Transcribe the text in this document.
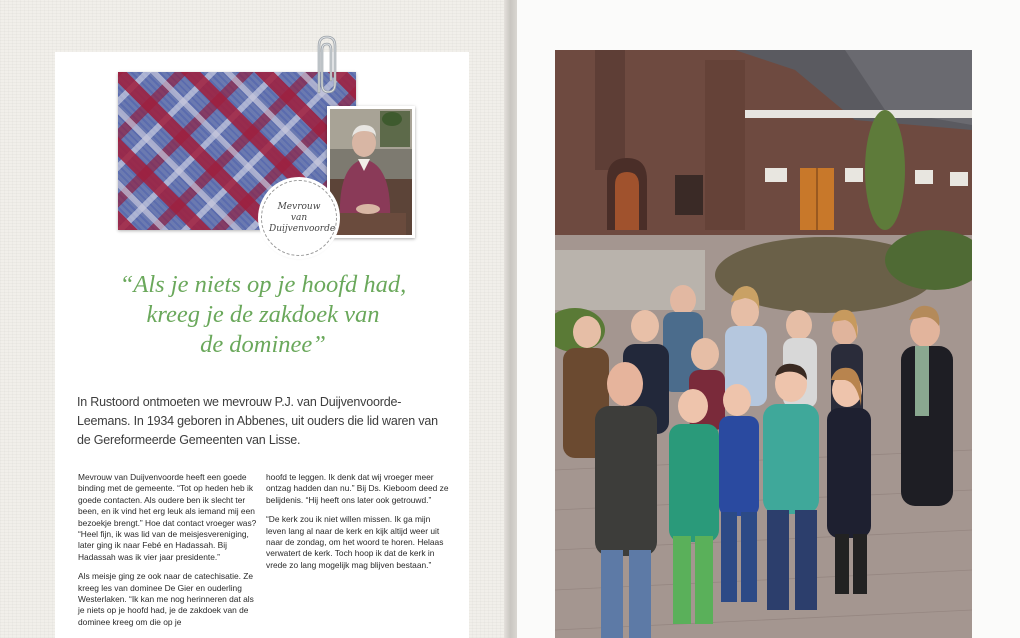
Mevrouw van
Duijvenvoorde
“Als je niets op je hoofd had,
kreeg je de zakdoek van
de dominee”
In Rustoord ontmoeten we mevrouw P.J. van Duijvenvoorde-Leemans. In 1934 geboren in Abbenes, uit ouders die lid waren van de Gereformeerde Gemeenten van Lisse.

Mevrouw van Duijvenvoorde heeft een goede binding met de gemeente. “Tot op heden heb ik goede contacten. Als oudere ben ik slecht ter been, en ik vind het erg leuk als iemand mij een bezoekje brengt.” Hoe dat contact vroeger was? “Heel fijn, ik was lid van de meisjesvereniging, later ging ik naar Febé en Hadassah. Bij Hadassah was ik vier jaar presidente.”

Als meisje ging ze ook naar de catechisatie. Ze kreeg les van dominee De Gier en ouderling Westerlaken. “Ik kan me nog herinneren dat als je niets op je hoofd had, je de zakdoek van de dominee kreeg om die op je

hoofd te leggen. Ik denk dat wij vroeger meer ontzag hadden dan nu.” Bij Ds. Kieboom deed ze belijdenis. “Hij heeft ons later ook getrouwd.”

“De kerk zou ik niet willen missen. Ik ga mijn leven lang al naar de kerk en kijk altijd weer uit naar de zondag, om het woord te horen. Helaas verwatert de kerk. Toch hoop ik dat de kerk in vrede zo lang mogelijk mag blijven bestaan.”
